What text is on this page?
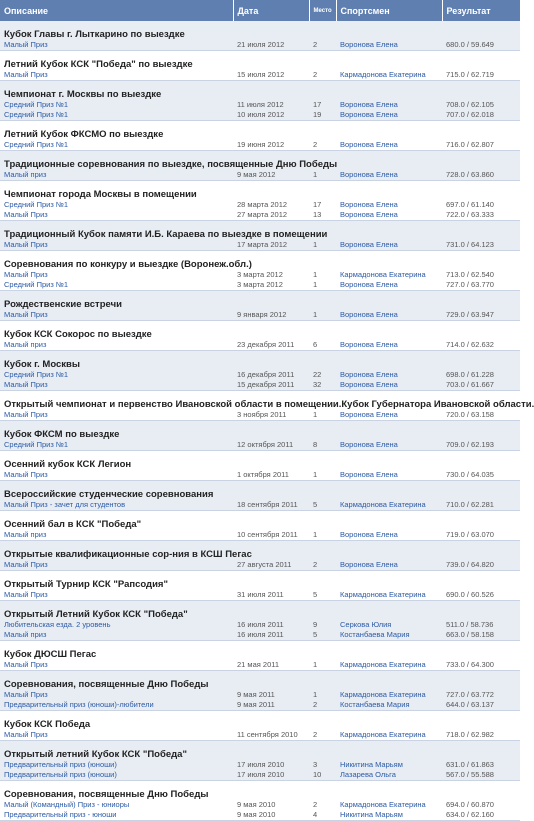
Описание	Дата	Место	Спортсмен	Результат
Кубок Главы г. Лыткарино по выездке				
Малый Приз	21 июля 2012	2	Воронова Елена	680.0 / 59.649
Летний Кубок КСК "Победа" по выездке				
Малый Приз	15 июля 2012	2	Кармадонова Екатерина	715.0 / 62.719
Чемпионат г. Москвы по выездке				
Средний Приз №1	11 июля 2012	17	Воронова Елена	708.0 / 62.105
Средний Приз №1	10 июля 2012	19	Воронова Елена	707.0 / 62.018
Летний Кубок ФКСМО по выездке				
Средний Приз №1	19 июня 2012	2	Воронова Елена	716.0 / 62.807
Традиционные соревнования по выездке, посвященные Дню Победы				
Малый приз	9 мая 2012	1	Воронова Елена	728.0 / 63.860
Чемпионат города Москвы в помещении				
Средний Приз №1	28 марта 2012	17	Воронова Елена	697.0 / 61.140
Малый Приз	27 марта 2012	13	Воронова Елена	722.0 / 63.333
Традиционный Кубок памяти И.Б. Караева по выездке в помещении				
Малый Приз	17 марта 2012	1	Воронова Елена	731.0 / 64.123
Соревнования по конкуру и выездке (Воронеж.обл.)				
Малый Приз	3 марта 2012	1	Кармадонова Екатерина	713.0 / 62.540
Средний Приз №1	3 марта 2012	1	Воронова Елена	727.0 / 63.770
Рождественские встречи				
Малый Приз	9 января 2012	1	Воронова Елена	729.0 / 63.947
Кубок КСК Сокорос по выездке				
Малый приз	23 декабря 2011	6	Воронова Елена	714.0 / 62.632
Кубок г. Москвы				
Средний Приз №1	16 декабря 2011	22	Воронова Елена	698.0 / 61.228
Малый Приз	15 декабря 2011	32	Воронова Елена	703.0 / 61.667
Открытый чемпионат и первенство Ивановской области в помещении.Кубок Губернатора Ивановской области.				
Малый Приз	3 ноября 2011	1	Воронова Елена	720.0 / 63.158
Кубок ФКСМ по выездке				
Средний Приз №1	12 октября 2011	8	Воронова Елена	709.0 / 62.193
Осенний кубок КСК Легион				
Малый Приз	1 октября 2011	1	Воронова Елена	730.0 / 64.035
Всероссийские студенческие соревнования				
Малый Приз - зачет для студентов	18 сентября 2011	5	Кармадонова Екатерина	710.0 / 62.281
Осенний бал в КСК "Победа"				
Малый приз	10 сентября 2011	1	Воронова Елена	719.0 / 63.070
Открытые квалификационные сор-ния в КСШ Пегас				
Малый Приз	27 августа 2011	2	Воронова Елена	739.0 / 64.820
Открытый Турнир КСК "Рапсодия"				
Малый Приз	31 июля 2011	5	Кармадонова Екатерина	690.0 / 60.526
Открытый Летний Кубок КСК "Победа"				
Любительская езда. 2 уровень	16 июля 2011	9	Серкова Юлия	511.0 / 58.736
Малый приз	16 июля 2011	5	Костанбаева Мария	663.0 / 58.158
Кубок ДЮСШ Пегас				
Малый Приз	21 мая 2011	1	Кармадонова Екатерина	733.0 / 64.300
Соревнования, посвященные Дню Победы				
Малый Приз	9 мая 2011	1	Кармадонова Екатерина	727.0 / 63.772
Предварительный приз (юноши)-любители	9 мая 2011	2	Костанбаева Мария	644.0 / 63.137
Кубок КСК Победа				
Малый Приз	11 сентября 2010	2	Кармадонова Екатерина	718.0 / 62.982
Открытый летний Кубок КСК "Победа"				
Предварительный приз (юноши)	17 июля 2010	3	Никитина Марьям	631.0 / 61.863
Предварительный приз (юноши)	17 июля 2010	10	Лазарева Ольга	567.0 / 55.588
Соревнования, посвященные Дню Победы				
Малый (Командный) Приз - юниоры	9 мая 2010	2	Кармадонова Екатерина	694.0 / 60.870
Предварительный приз - юноши	9 мая 2010	4	Никитина Марьям	634.0 / 62.160
